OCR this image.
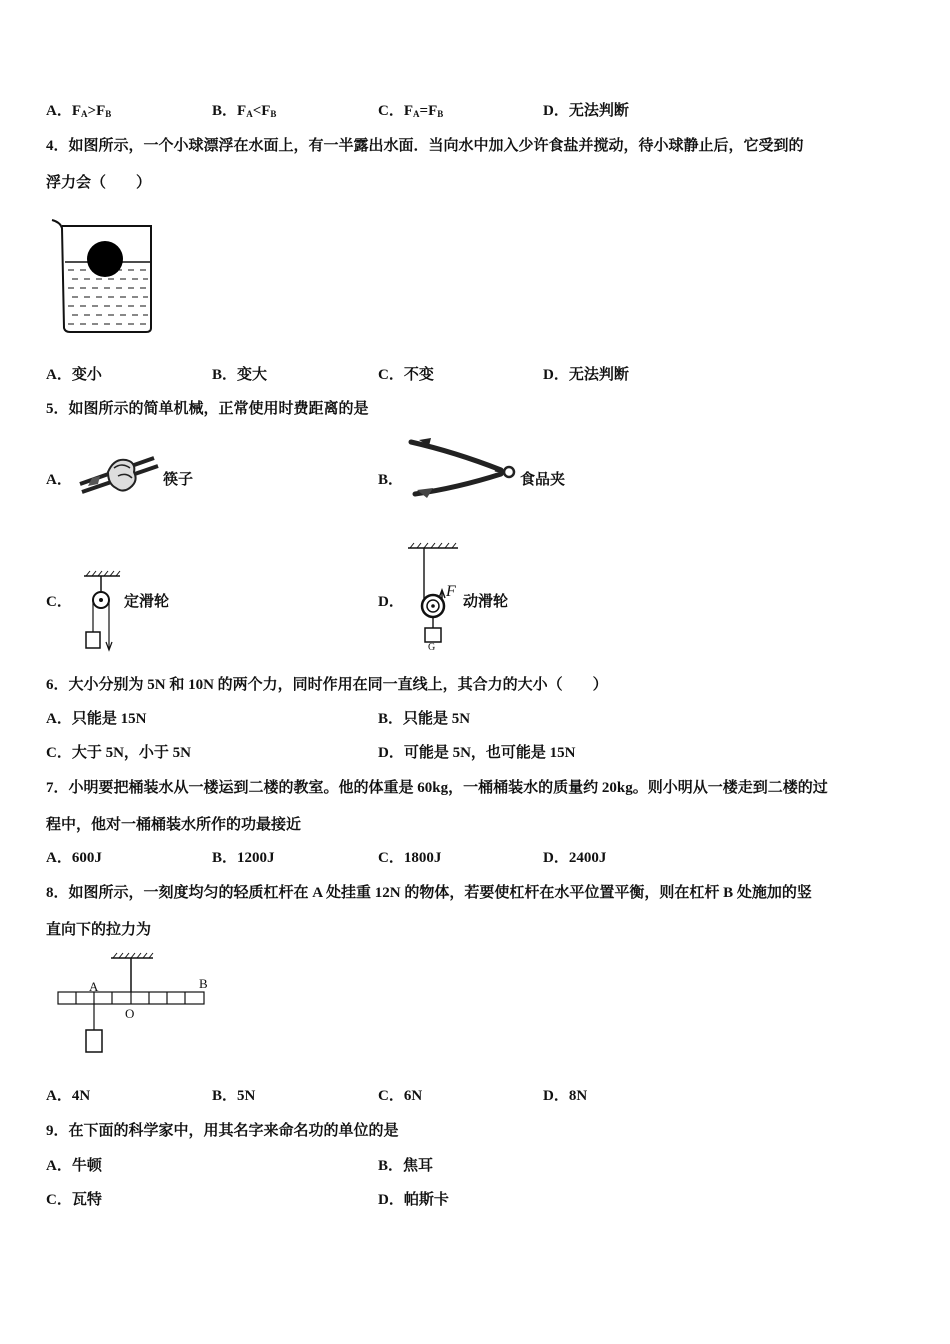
A．$F_A>F_B$	B．$F_A<F_B$	C．$F_A=F_B$	D．无法判断
4．如图所示，一个小球漂浮在水面上，有一半露出水面．当向水中加入少许食盐并搅动，待小球静止后，它受到的
浮力会（　　）
A．变小	B．变大	C．不变	D．无法判断
5．如图所示的简单机械，正常使用时费距离的是
A．	筷子	B．	食品夹
C．	定滑轮	D．
F
G
动滑轮
6．大小分别为 5N 和 10N 的两个力，同时作用在同一直线上，其合力的大小（　　）
A．只能是 15N	B．只能是 5N
C．大于 5N，小于 5N	D．可能是 5N，也可能是 15N
7．小明要把桶装水从一楼运到二楼的教室。他的体重是 60kg，一桶桶装水的质量约 20kg。则小明从一楼走到二楼的过
程中，他对一桶桶装水所作的功最接近
A．600J	B．1200J	C．1800J	D．2400J
8．如图所示，一刻度均匀的轻质杠杆在 A 处挂重 12N 的物体，若要使杠杆在水平位置平衡，则在杠杆 B 处施加的竖
直向下的拉力为
A	B
O
A．4N	B．5N	C．6N	D．8N
9．在下面的科学家中，用其名字来命名功的单位的是
A．牛顿	B．焦耳
C．瓦特	D．帕斯卡
